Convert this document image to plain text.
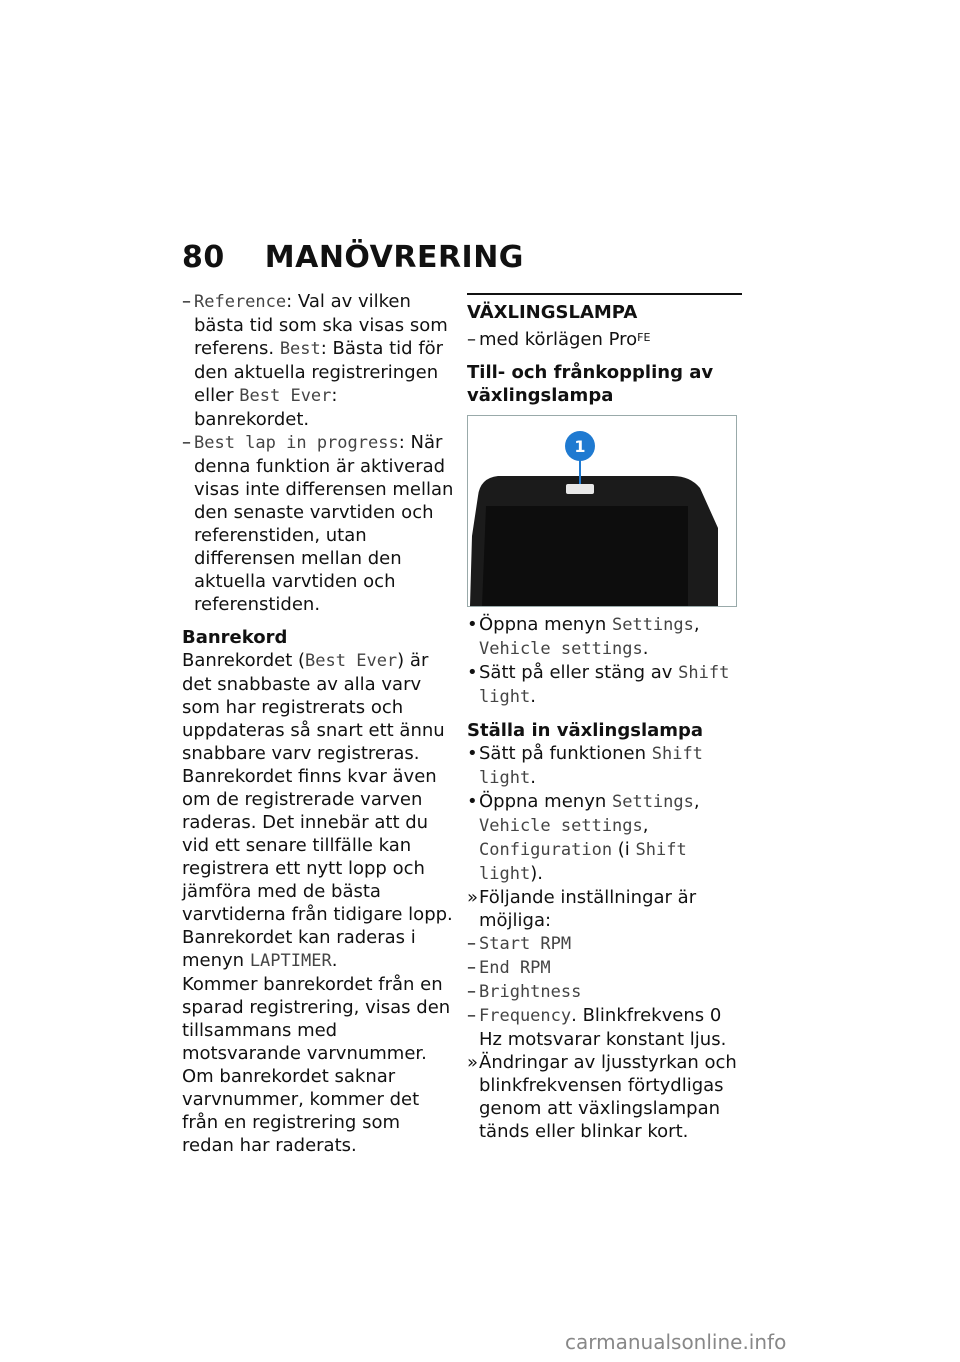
80 MANÖVRERING
– Reference: Val av vilken bästa tid som ska visas som referens. Best: Bästa tid för den aktuella registreringen eller Best Ever: banrekordet.
– Best lap in progress: När denna funktion är aktiverad visas inte differensen mellan den senaste varvtiden och referenstiden, utan differensen mellan den aktuella varvtiden och referenstiden.
Banrekord

Banrekordet (Best Ever) är det snabbaste av alla varv som har registrerats och uppdateras så snart ett ännu snabbare varv registreras.

Banrekordet finns kvar även om de registrerade varven raderas. Det innebär att du vid ett senare tillfälle kan registrera ett nytt lopp och jämföra med de bästa varvtiderna från tidigare lopp.

Banrekordet kan raderas i menyn LAPTIMER.

Kommer banrekordet från en sparad registrering, visas den tillsammans med motsvarande varvnummer. Om banrekordet saknar varvnummer, kommer det från en registrering som redan har raderats.

VÄXLINGSLAMPA
– med körlägen Pro$^{FE}$
Till- och frånkoppling av växlingslampa
1
• Öppna menyn Settings, Vehicle settings.
• Sätt på eller stäng av Shift light.
Ställa in växlingslampa
• Sätt på funktionen Shift light.
• Öppna menyn Settings, Vehicle settings, Configuration (i Shift light).
» Följande inställningar är möjliga:
– Start RPM
– End RPM
– Brightness
– Frequency. Blinkfrekvens 0 Hz motsvarar konstant ljus.
» Ändringar av ljusstyrkan och blinkfrekvensen förtydligas genom att växlingslampan tänds eller blinkar kort.
carmanualsonline.info
